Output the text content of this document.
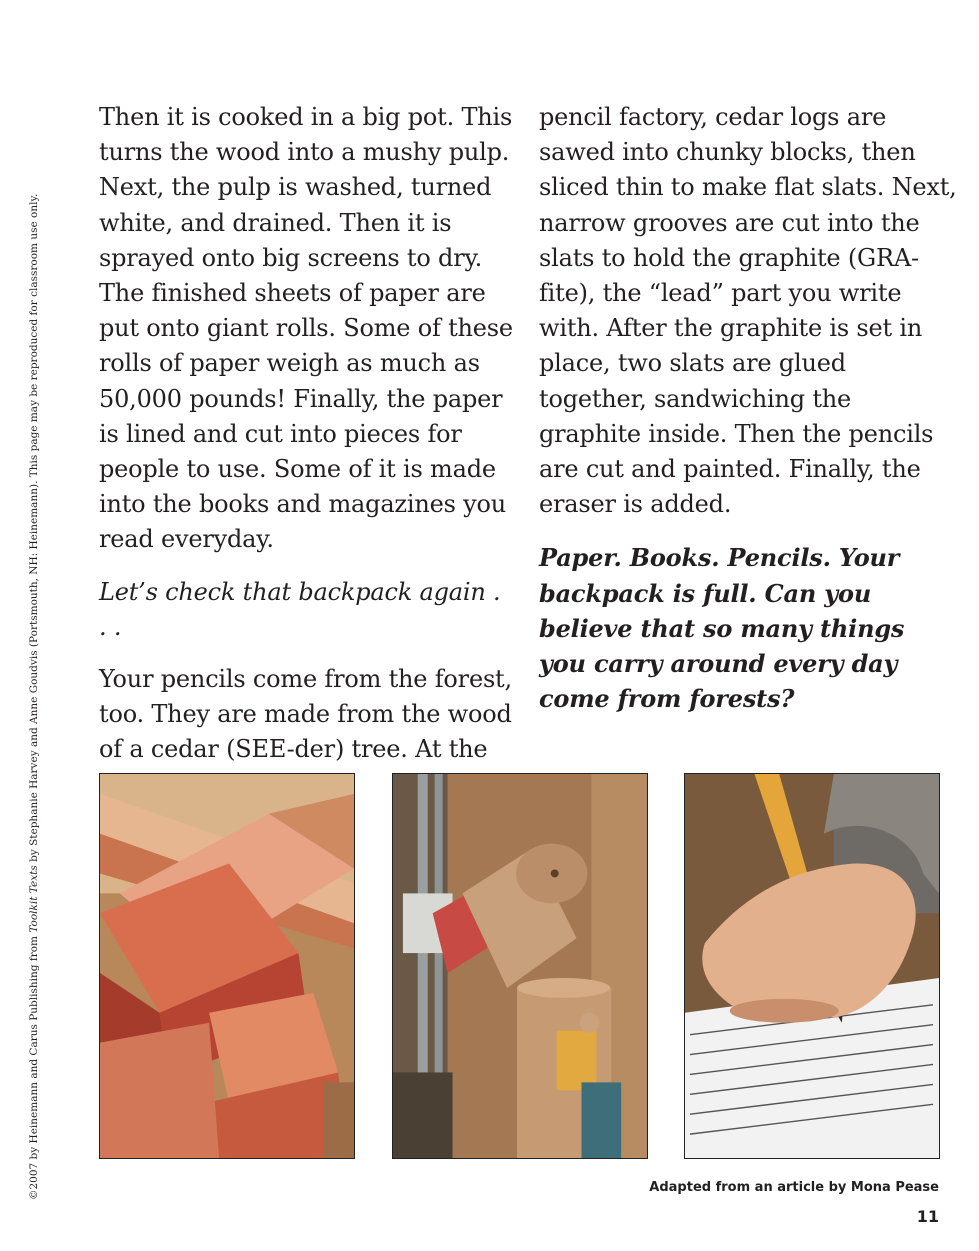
©2007 by Heinemann and Carus Publishing from Toolkit Texts by Stephanie Harvey and Anne Goudvis (Portsmouth, NH: Heinemann). This page may be reproduced for classroom use only.

Then it is cooked in a big pot. This turns the wood into a mushy pulp. Next, the pulp is washed, turned white, and drained. Then it is sprayed onto big screens to dry. The finished sheets of paper are put onto giant rolls. Some of these rolls of paper weigh as much as 50,000 pounds! Finally, the paper is lined and cut into pieces for people to use. Some of it is made into the books and magazines you read everyday.

Let’s check that backpack again . . .

Your pencils come from the forest, too. They are made from the wood of a cedar (SEE-der) tree. At the

pencil factory, cedar logs are sawed into chunky blocks, then sliced thin to make flat slats. Next, narrow grooves are cut into the slats to hold the graphite (GRA-fite), the “lead” part you write with. After the graphite is set in place, two slats are glued together, sandwiching the graphite inside. Then the pencils are cut and painted. Finally, the eraser is added.

Paper. Books. Pencils. Your backpack is full. Can you believe that so many things you carry around every day come from forests?

Adapted from an article by Mona Pease
11
